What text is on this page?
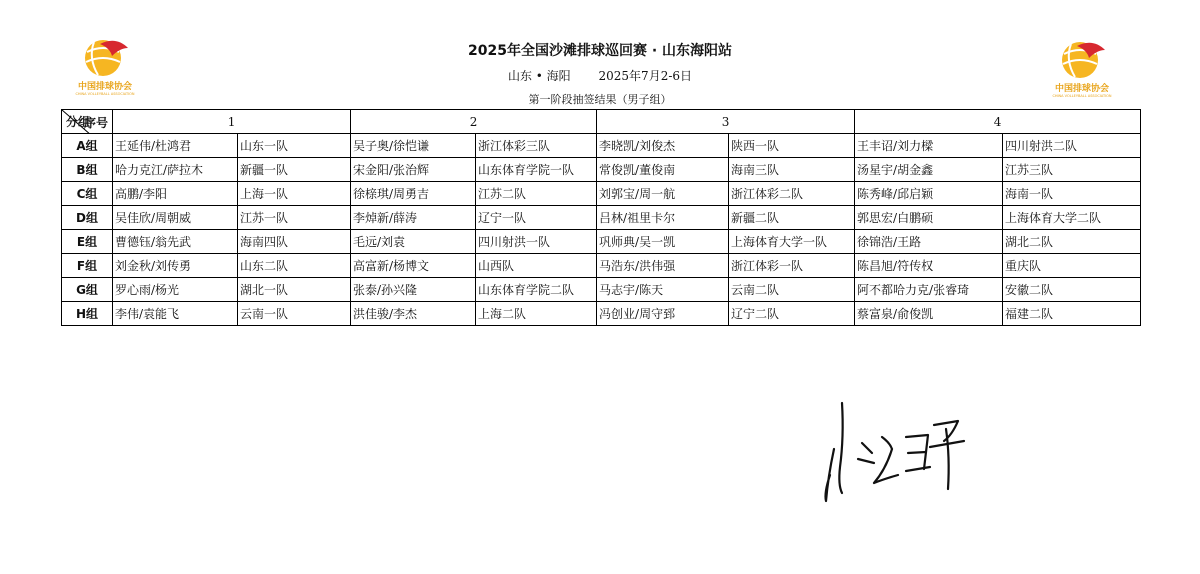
中国排球协会
CHINA VOLLEYBALL ASSOCIATION	中国排球协会
CHINA VOLLEYBALL ASSOCIATION
2025年全国沙滩排球巡回赛 · 山东海阳站
山东 • 海阳 2025年7月2-6日
第一阶段抽签结果（男子组）
序号
分组	1		2		3		4	
A组	王延伟/杜鸿君	山东一队	吴子奥/徐恺谦	浙江体彩三队	李晓凯/刘俊杰	陕西一队	王丰诏/刘力樑	四川射洪二队
B组	哈力克江/萨拉木	新疆一队	宋金阳/张治辉	山东体育学院一队	常俊凯/董俊南	海南三队	汤星宇/胡金鑫	江苏三队
C组	高鹏/李阳	上海一队	徐榇琪/周勇吉	江苏二队	刘郭宝/周一航	浙江体彩二队	陈秀峰/邱启颖	海南一队
D组	吴佳欣/周朝威	江苏一队	李焯新/薛涛	辽宁一队	吕林/祖里卡尔	新疆二队	郭思宏/白鹏硕	上海体育大学二队
E组	曹德钰/翁先武	海南四队	毛远/刘袁	四川射洪一队	巩师典/吴一凯	上海体育大学一队	徐锦浩/王路	湖北二队
F组	刘金秋/刘传勇	山东二队	高富新/杨博文	山西队	马浩东/洪伟强	浙江体彩一队	陈昌旭/符传权	重庆队
G组	罗心雨/杨光	湖北一队	张泰/孙兴隆	山东体育学院二队	马志宇/陈天	云南二队	阿不都哈力克/张睿琦	安徽二队
H组	李伟/袁能飞	云南一队	洪佳骏/李杰	上海二队	冯创业/周守郅	辽宁二队	蔡富泉/俞俊凯	福建二队
